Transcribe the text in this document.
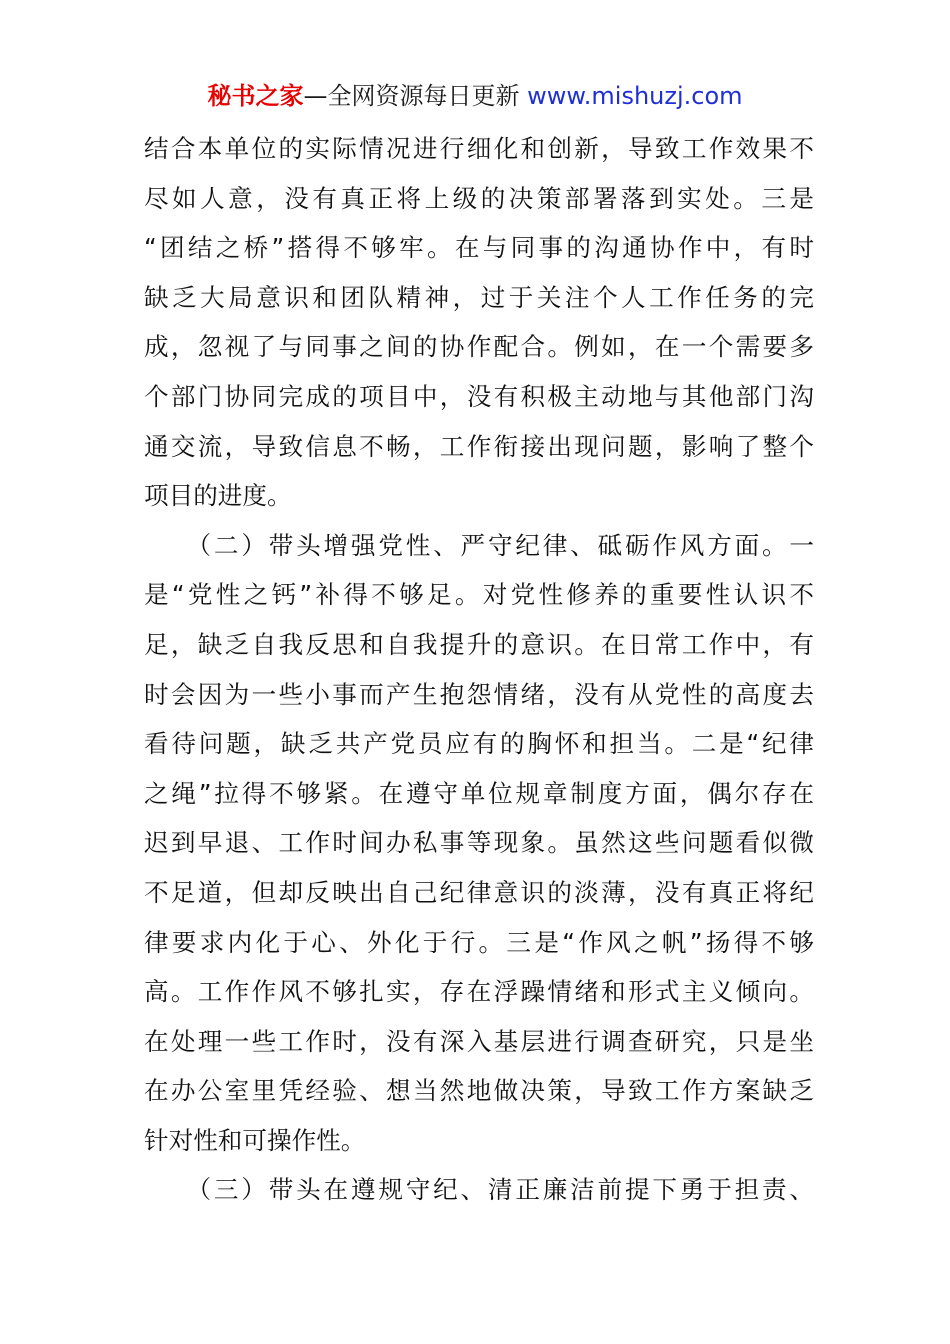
秘书之家—全网资源每日更新 www.mishuzj.com
结合本单位的实际情况进行细化和创新，导致工作效果不
尽如人意，没有真正将上级的决策部署落到实处。三是
“团结之桥”搭得不够牢。在与同事的沟通协作中，有时
缺乏大局意识和团队精神，过于关注个人工作任务的完
成，忽视了与同事之间的协作配合。例如，在一个需要多
个部门协同完成的项目中，没有积极主动地与其他部门沟
通交流，导致信息不畅，工作衔接出现问题，影响了整个
项目的进度。
　　（二）带头增强党性、严守纪律、砥砺作风方面。一
是“党性之钙”补得不够足。对党性修养的重要性认识不
足，缺乏自我反思和自我提升的意识。在日常工作中，有
时会因为一些小事而产生抱怨情绪，没有从党性的高度去
看待问题，缺乏共产党员应有的胸怀和担当。二是“纪律
之绳”拉得不够紧。在遵守单位规章制度方面，偶尔存在
迟到早退、工作时间办私事等现象。虽然这些问题看似微
不足道，但却反映出自己纪律意识的淡薄，没有真正将纪
律要求内化于心、外化于行。三是“作风之帆”扬得不够
高。工作作风不够扎实，存在浮躁情绪和形式主义倾向。
在处理一些工作时，没有深入基层进行调查研究，只是坐
在办公室里凭经验、想当然地做决策，导致工作方案缺乏
针对性和可操作性。
　　（三）带头在遵规守纪、清正廉洁前提下勇于担责、
